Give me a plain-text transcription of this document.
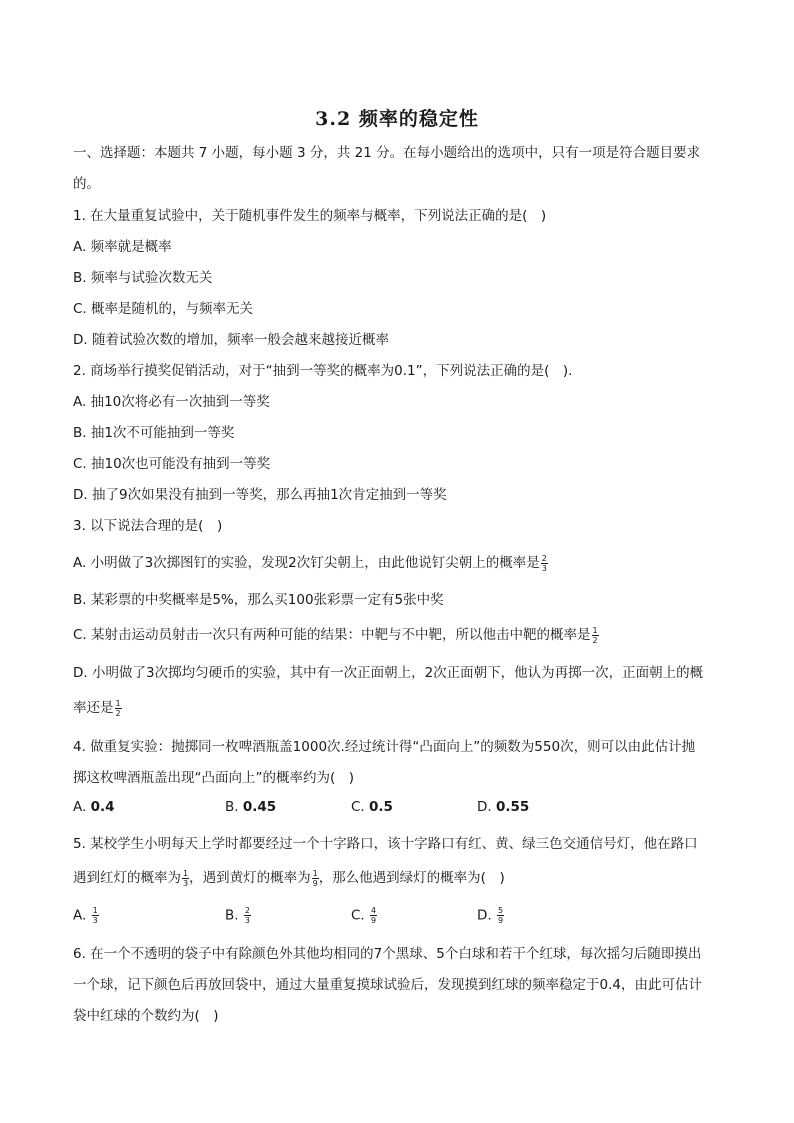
3.2 频率的稳定性
一、选择题：本题共 7 小题，每小题 3 分，共 21 分。在每小题给出的选项中，只有一项是符合题目要求
的。
1. 在大量重复试验中，关于随机事件发生的频率与概率，下列说法正确的是(　)
A. 频率就是概率
B. 频率与试验次数无关
C. 概率是随机的，与频率无关
D. 随着试验次数的增加，频率一般会越来越接近概率
2. 商场举行摸奖促销活动，对于“抽到一等奖的概率为0.1”，下列说法正确的是(　).
A. 抽10次将必有一次抽到一等奖
B. 抽1次不可能抽到一等奖
C. 抽10次也可能没有抽到一等奖
D. 抽了9次如果没有抽到一等奖，那么再抽1次肯定抽到一等奖
3. 以下说法合理的是(　)
A. 小明做了3次掷图钉的实验，发现2次钉尖朝上，由此他说钉尖朝上的概率是 $\frac{2}{3}$
B. 某彩票的中奖概率是5%，那么买100张彩票一定有5张中奖
C. 某射击运动员射击一次只有两种可能的结果：中靶与不中靶，所以他击中靶的概率是 $\frac{1}{2}$
D. 小明做了3次掷均匀硬币的实验，其中有一次正面朝上，2次正面朝下，他认为再掷一次，正面朝上的概
率还是 $\frac{1}{2}$
4. 做重复实验：抛掷同一枚啤酒瓶盖1000次.经过统计得“凸面向上”的频数为550次，则可以由此估计抛
掷这枚啤酒瓶盖出现“凸面向上”的概率约为(　)
A. 0.4	B. 0.45	C. 0.5	D. 0.55
5. 某校学生小明每天上学时都要经过一个十字路口，该十字路口有红、黄、绿三色交通信号灯，他在路口
遇到红灯的概率为 $\frac{1}{3}$ ，遇到黄灯的概率为 $\frac{1}{9}$ ，那么他遇到绿灯的概率为(　)
A. $\frac{1}{3}$	B. $\frac{2}{3}$	C. $\frac{4}{9}$	D. $\frac{5}{9}$
6. 在一个不透明的袋子中有除颜色外其他均相同的7个黑球、5个白球和若干个红球，每次摇匀后随即摸出
一个球，记下颜色后再放回袋中，通过大量重复摸球试验后，发现摸到红球的频率稳定于0.4，由此可估计
袋中红球的个数约为(　)
